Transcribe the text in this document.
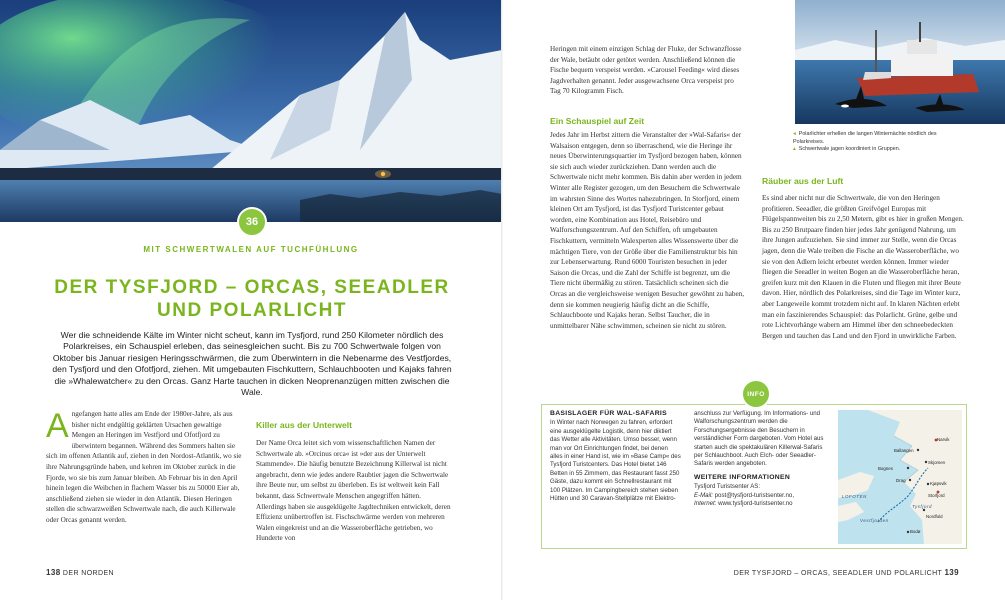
36
MIT SCHWERTWALEN AUF TUCHFÜHLUNG
DER TYSFJORD – ORCAS, SEEADLER
UND POLARLICHT
Wer die schneidende Kälte im Winter nicht scheut, kann im Tysfjord, rund 250 Kilometer nördlich des Polarkreises, ein Schauspiel erleben, das seinesgleichen sucht. Bis zu 700 Schwertwale folgen von Oktober bis Januar riesigen Heringsschwärmen, die zum Überwintern in die Nebenarme des Vestfjordes, den Tysfjord und den Ofotfjord, ziehen. Mit umgebauten Fischkuttern, Schlauchbooten und Kajaks fahren die »Whalewatcher« zu den Orcas. Ganz Harte tauchen in dicken Neoprenanzügen mitten zwischen die Wale.
Angefangen hatte alles am Ende der 1980er-Jahre, als aus bisher nicht endgültig geklärten Ursachen gewaltige Mengen an Heringen im Vestfjord und Ofotfjord zu überwintern begannen. Während des Sommers halten sie sich im offenen Atlantik auf, ziehen in den Nordost-Atlantik, wo sie ihre Nahrungsgründe haben, und kehren im Oktober zurück in die Fjorde, wo sie bis zum Januar bleiben. Ab Februar bis in den April hinein legen die Weibchen in flachem Wasser bis zu 50000 Eier ab, anschließend ziehen sie wieder in den Atlantik. Diesen Heringen stellen die schwarzweißen Schwertwale nach, die auch Killerwale oder Orcas genannt werden.
Killer aus der Unterwelt
Der Name Orca leitet sich vom wissenschaftlichen Namen der Schwertwale ab. »Orcinus orca« ist »der aus der Unterwelt Stammende«. Die häufig benutzte Bezeichnung Killerwal ist nicht angebracht, denn wie jedes andere Raubtier jagen die Schwertwale ihre Beute nur, um selbst zu überleben. Es ist weltweit kein Fall bekannt, dass Schwertwale Menschen angegriffen hätten. Allerdings haben sie ausgeklügelte Jagdtechniken entwickelt, deren Effizienz unübertroffen ist. Fischschwärme werden von mehreren Walen eingekreist und an die Wasseroberfläche getrieben, wo Hunderte von
138 DER NORDEN
Heringen mit einem einzigen Schlag der Fluke, der Schwanzflosse der Wale, betäubt oder getötet werden. Anschließend können die Fische bequem verspeist werden. »Carousel Feeding« wird dieses Jagdverhalten genannt. Jeder ausgewachsene Orca verspeist pro Tag 70 Kilogramm Fisch.
Ein Schauspiel auf Zeit
Jedes Jahr im Herbst zittern die Veranstalter der »Wal-Safaris« der Walsaison entgegen, denn so überraschend, wie die Heringe ihr neues Überwinterungsquartier im Tysfjord bezogen haben, können sie sich auch wieder zurückziehen. Dann werden auch die Schwertwale nicht mehr kommen. Bis dahin aber werden in jedem Winter alle Register gezogen, um den Besuchern die Schwertwale im wahrsten Sinne des Wortes nahezubringen. In Storfjord, einem kleinen Ort am Tysfjord, ist das Tysfjord Turistcenter gebaut worden, eine Kombination aus Hotel, Reisebüro und Walforschungszentrum. Auf den Schiffen, oft umgebauten Fischkuttern, vermitteln Walexperten alles Wissenswerte über die mächtigen Tiere, von der Größe über die Familienstruktur bis hin zur Lebenserwartung. Rund 6000 Touristen besuchen in jeder Saison die Orcas, und die Zahl der Schiffe ist begrenzt, um die Tiere nicht übermäßig zu stören. Tatsächlich scheinen sich die Orcas an die vergleichsweise wenigen Besucher gewöhnt zu haben, denn sie kommen neugierig häufig dicht an die Schiffe, Schlauchboote und Kajaks heran. Selbst Taucher, die in unmittelbarer Nähe schwimmen, scheinen sie nicht zu stören.
◂ Polarlichter erhellen die langen Winternächte nördlich des Polarkreises.
▴ Schwertwale jagen koordiniert in Gruppen.
Räuber aus der Luft
Es sind aber nicht nur die Schwertwale, die von den Heringen profitieren. Seeadler, die größten Greifvögel Europas mit Flügelspannweiten bis zu 2,50 Metern, gibt es hier in großen Mengen. Bis zu 250 Brutpaare finden hier jedes Jahr genügend Nahrung, um ihre Jungen aufzuziehen. Sie sind immer zur Stelle, wenn die Orcas jagen, denn die Wale treiben die Fische an die Wasseroberfläche, wo sie von den Adlern leicht erbeutet werden können. Immer wieder fliegen die Seeadler in weiten Bogen an die Wasseroberfläche heran, greifen kurz mit den Klauen in die Fluten und fliegen mit ihrer Beute davon. Hier, nördlich des Polarkreises, sind die Tage im Winter kurz, aber Langeweile kommt trotzdem nicht auf. In klaren Nächten erlebt man ein faszinierendes Schauspiel: das Polarlicht. Grüne, gelbe und rote Lichtvorhänge wabern am Himmel über den schneebedeckten Bergen und tauchen das Land und den Fjord in unwirkliche Farben.
INFO
BASISLAGER FÜR WAL-SAFARIS
In Winter nach Norwegen zu fahren, erfordert eine ausgeklügelte Logistik, denn hier diktiert das Wetter alle Aktivitäten. Umso besser, wenn man vor Ort Einrichtungen findet, bei denen alles in einer Hand ist, wie im »Base Camp« des Tysfjord Turistcenters. Das Hotel bietet 146 Betten in 55 Zimmern, das Restaurant fasst 250 Gäste, dazu kommt ein Schnellrestaurant mit 100 Plätzen. Im Campingbereich stehen sieben Hütten und 30 Caravan-Stellplätze mit Elektro-
anschluss zur Verfügung. Im Informations- und Walforschungszentrum werden die Forschungsergebnisse den Besuchern in verständlicher Form dargeboten. Vom Hotel aus starten auch die spektakulären Killerwal-Safaris per Schlauchboot. Auch Elch- oder Seeadler-Safaris werden angeboten.
WEITERE INFORMATIONEN
Tysfjord Turistsenter AS:
E-Mail: post@tysfjord-turistsenter.no,
Internet: www.tysfjord-turistsenter.no
Narvik
Ballangen
Skjomen
Bognes
Drag
Kjøpsvik
Storfjord
Tysfjord
Bodø
Nordfold
Vestfjorden
LOFOTEN
DER TYSFJORD – ORCAS, SEEADLER UND POLARLICHT 139
